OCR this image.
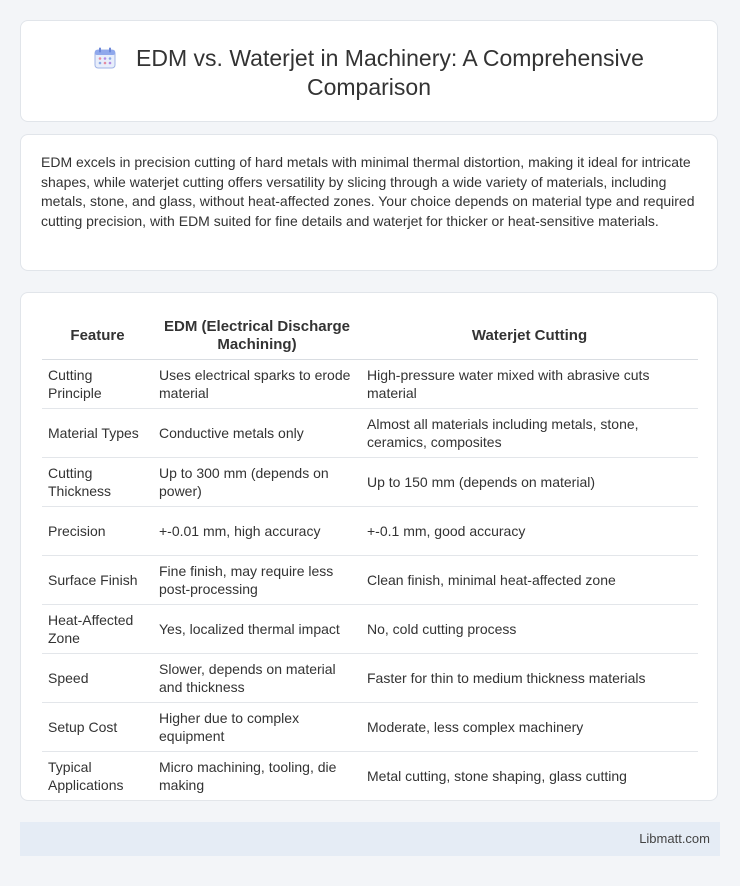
EDM vs. Waterjet in Machinery: A Comprehensive
Comparison

EDM excels in precision cutting of hard metals with minimal thermal distortion, making it ideal for intricate shapes, while waterjet cutting offers versatility by slicing through a wide variety of materials, including metals, stone, and glass, without heat-affected zones. Your choice depends on material type and required cutting precision, with EDM suited for fine details and waterjet for thicker or heat-sensitive materials.

Feature	EDM (Electrical Discharge Machining)	Waterjet Cutting
Cutting Principle	Uses electrical sparks to erode material	High-pressure water mixed with abrasive cuts material
Material Types	Conductive metals only	Almost all materials including metals, stone, ceramics, composites
Cutting Thickness	Up to 300 mm (depends on power)	Up to 150 mm (depends on material)
Precision	+-0.01 mm, high accuracy	+-0.1 mm, good accuracy
Surface Finish	Fine finish, may require less post-processing	Clean finish, minimal heat-affected zone
Heat-Affected Zone	Yes, localized thermal impact	No, cold cutting process
Speed	Slower, depends on material and thickness	Faster for thin to medium thickness materials
Setup Cost	Higher due to complex equipment	Moderate, less complex machinery
Typical Applications	Micro machining, tooling, die making	Metal cutting, stone shaping, glass cutting
Libmatt.com
